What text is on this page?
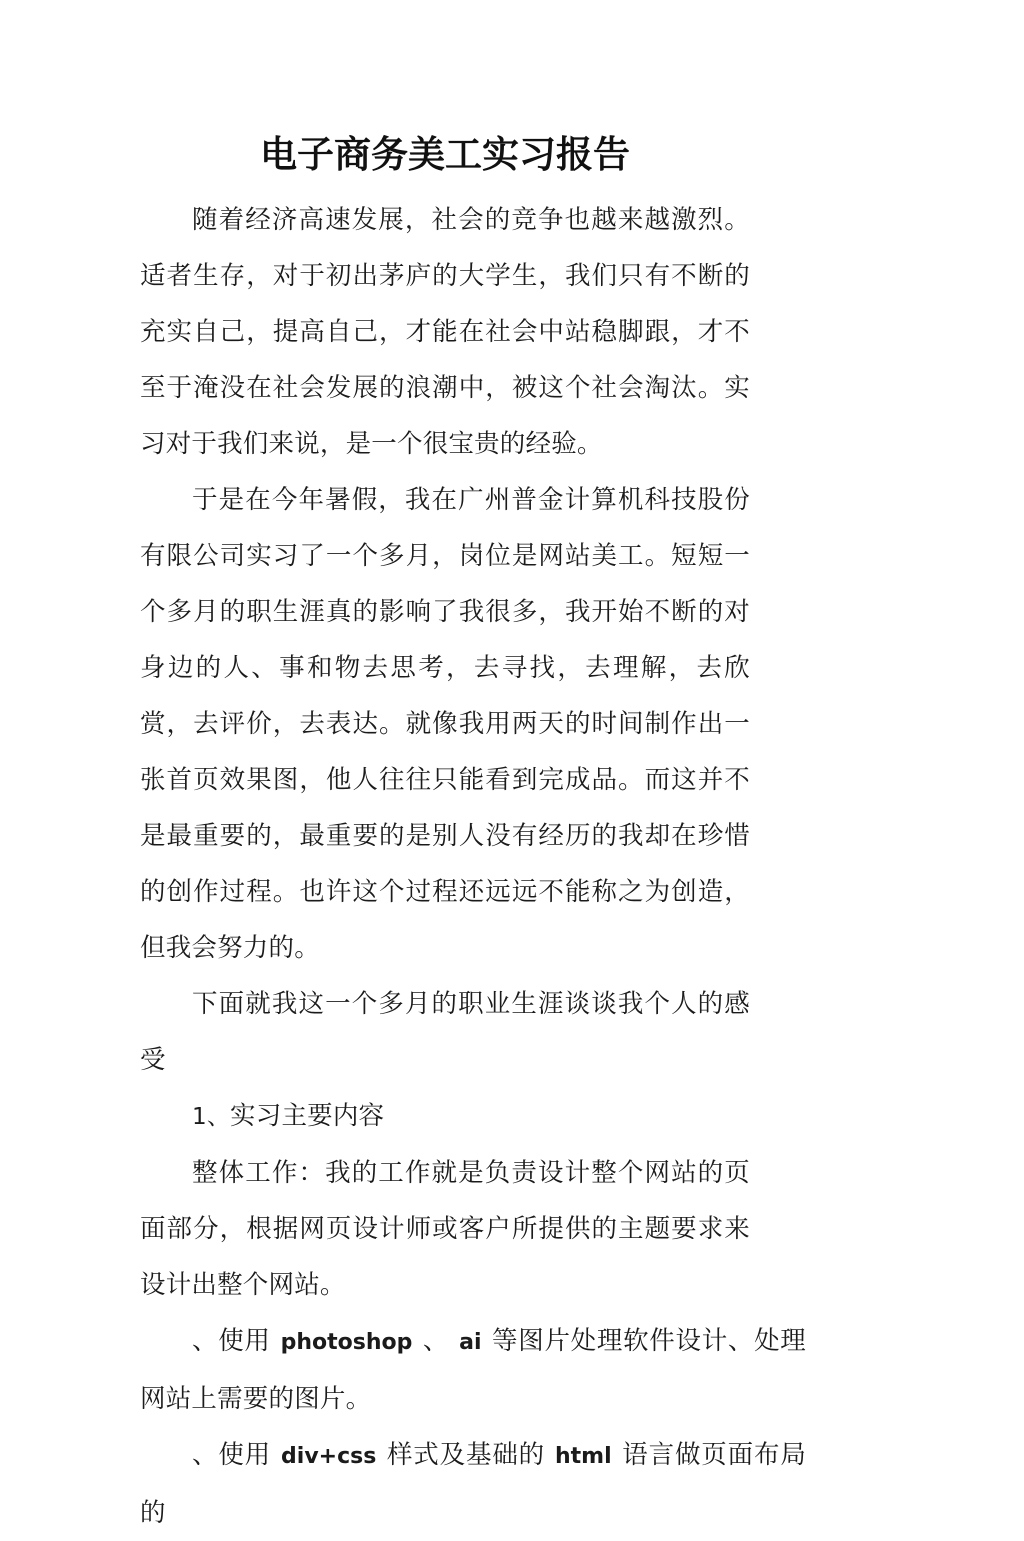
电子商务美工实习报告

随着经济高速发展，社会的竞争也越来越激烈。适者生存，对于初出茅庐的大学生，我们只有不断的充实自己，提高自己，才能在社会中站稳脚跟，才不至于淹没在社会发展的浪潮中，被这个社会淘汰。实习对于我们来说，是一个很宝贵的经验。

于是在今年暑假，我在广州普金计算机科技股份有限公司实习了一个多月，岗位是网站美工。短短一个多月的职生涯真的影响了我很多，我开始不断的对身边的人、事和物去思考，去寻找，去理解，去欣赏，去评价，去表达。就像我用两天的时间制作出一张首页效果图，他人往往只能看到完成品。而这并不是最重要的，最重要的是别人没有经历的我却在珍惜的创作过程。也许这个过程还远远不能称之为创造，但我会努力的。

下面就我这一个多月的职业生涯谈谈我个人的感受

1、实习主要内容

整体工作：我的工作就是负责设计整个网站的页面部分，根据网页设计师或客户所提供的主题要求来设计出整个网站。

、使用 photoshop 、 ai 等图片处理软件设计、处理网站上需要的图片。

、使用 div+css 样式及基础的 html 语言做页面布局的
